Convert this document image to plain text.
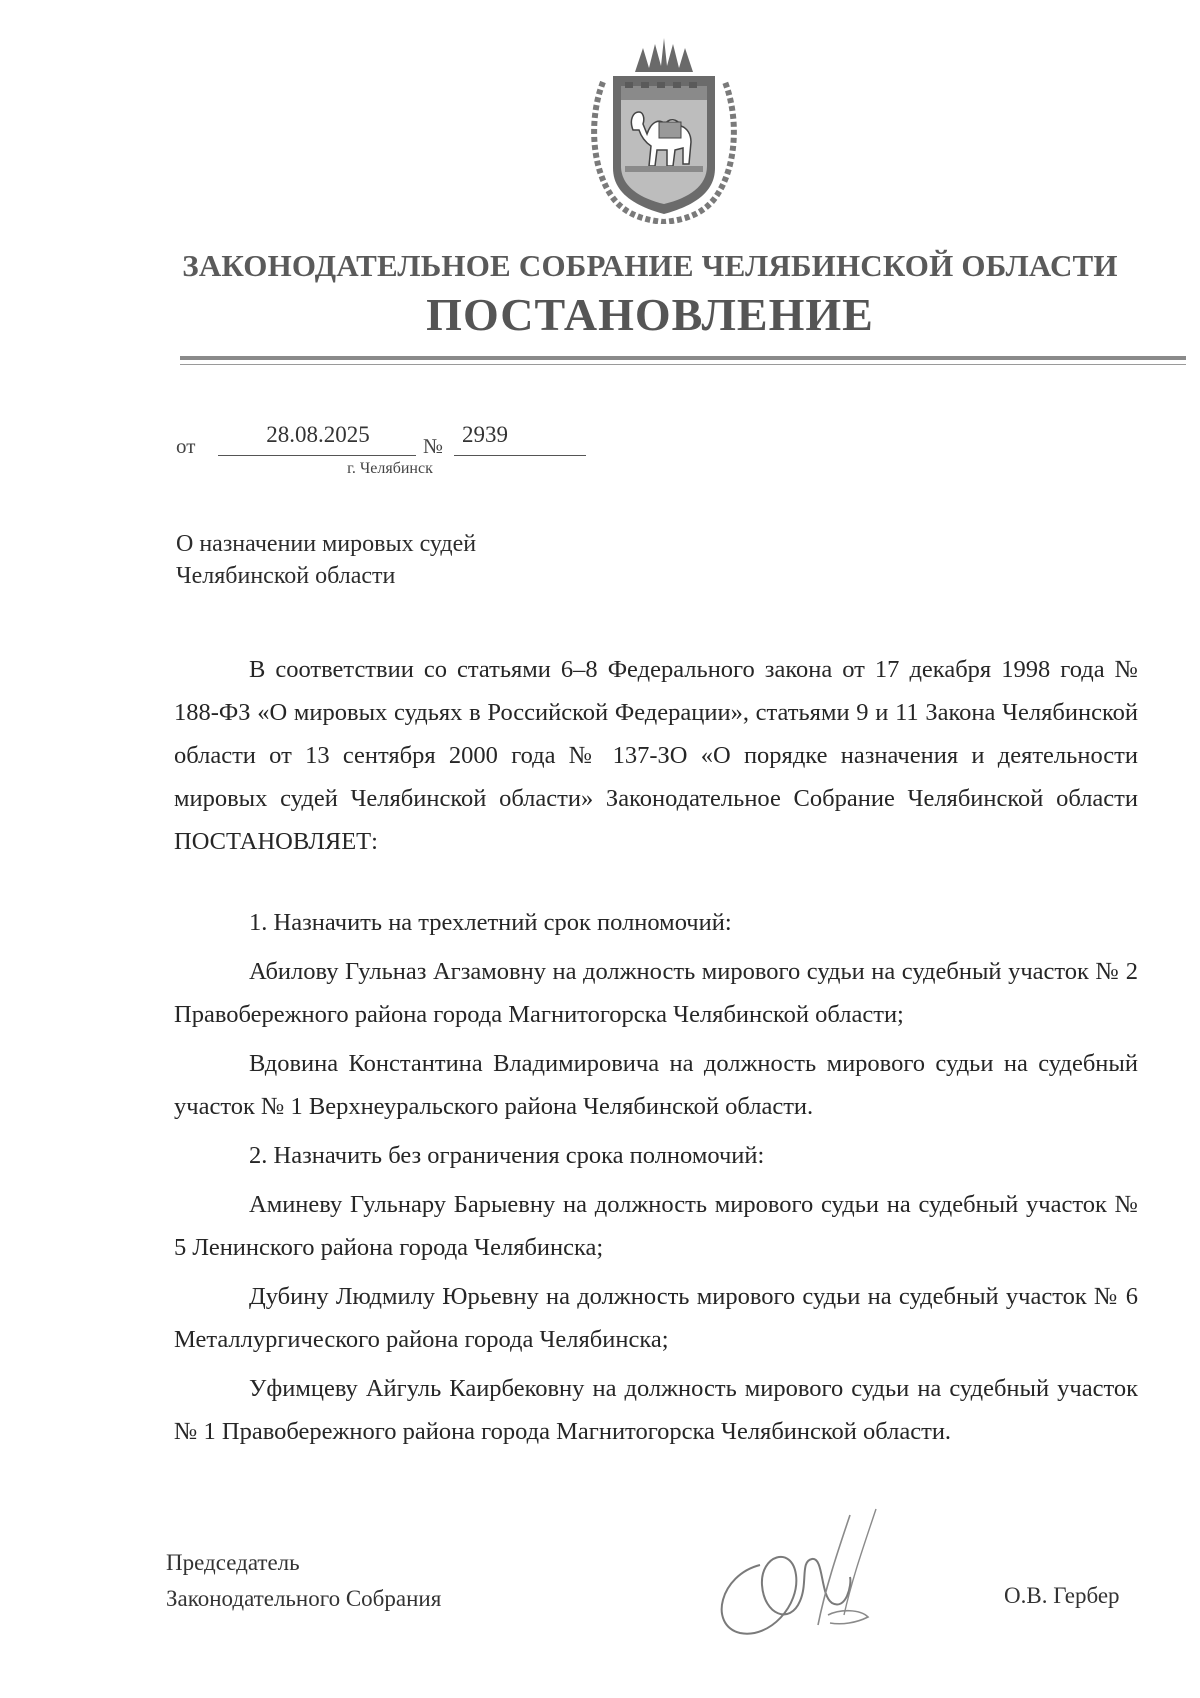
ЗАКОНОДАТЕЛЬНОЕ СОБРАНИЕ ЧЕЛЯБИНСКОЙ ОБЛАСТИ
ПОСТАНОВЛЕНИЕ
от	28.08.2025	№ 2939
г. Челябинск
О назначении мировых судей
Челябинской области

В соответствии со статьями 6–8 Федерального закона от 17 декабря 1998 года № 188-ФЗ «О мировых судьях в Российской Федерации», статьями 9 и 11 Закона Челябинской области от 13 сентября 2000 года № 137-ЗО «О порядке назначения и деятельности мировых судей Челябинской области» Законодательное Собрание Челябинской области ПОСТАНОВЛЯЕТ:

1. Назначить на трехлетний срок полномочий:

Абилову Гульназ Агзамовну на должность мирового судьи на судебный участок № 2 Правобережного района города Магнитогорска Челябинской области;

Вдовина Константина Владимировича на должность мирового судьи на судебный участок № 1 Верхнеуральского района Челябинской области.

2. Назначить без ограничения срока полномочий:

Аминеву Гульнару Барыевну на должность мирового судьи на судебный участок № 5 Ленинского района города Челябинска;

Дубину Людмилу Юрьевну на должность мирового судьи на судебный участок № 6 Металлургического района города Челябинска;

Уфимцеву Айгуль Каирбековну на должность мирового судьи на судебный участок № 1 Правобережного района города Магнитогорска Челябинской области.

Председатель
Законодательного Собрания	О.В. Гербер
